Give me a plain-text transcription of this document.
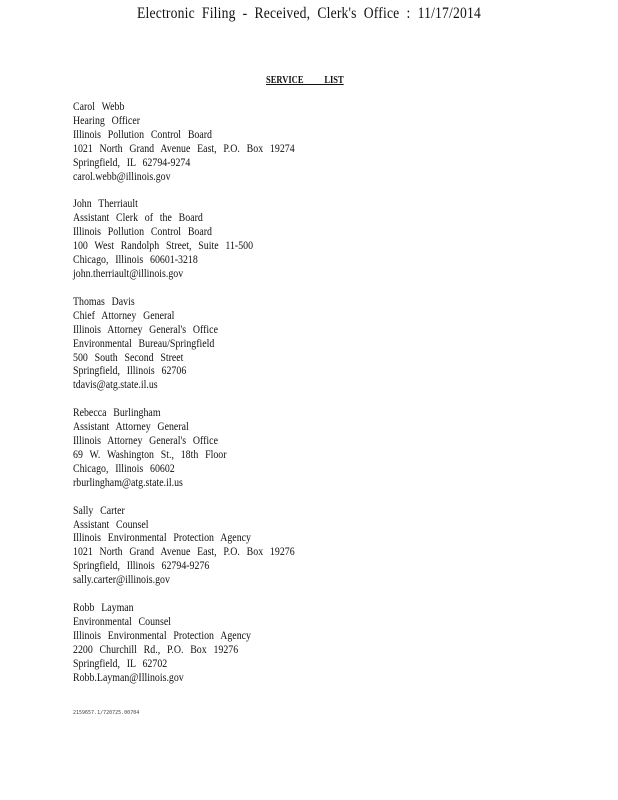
Electronic Filing - Received, Clerk's Office : 11/17/2014
SERVICE LIST
Carol Webb
Hearing Officer
Illinois Pollution Control Board
1021 North Grand Avenue East, P.O. Box 19274
Springfield, IL 62794-9274
carol.webb@illinois.gov
John Therriault
Assistant Clerk of the Board
Illinois Pollution Control Board
100 West Randolph Street, Suite 11-500
Chicago, Illinois 60601-3218
john.therriault@illinois.gov
Thomas Davis
Chief Attorney General
Illinois Attorney General's Office
Environmental Bureau/Springfield
500 South Second Street
Springfield, Illinois 62706
tdavis@atg.state.il.us
Rebecca Burlingham
Assistant Attorney General
Illinois Attorney General's Office
69 W. Washington St., 18th Floor
Chicago, Illinois 60602
rburlingham@atg.state.il.us
Sally Carter
Assistant Counsel
Illinois Environmental Protection Agency
1021 North Grand Avenue East, P.O. Box 19276
Springfield, Illinois 62794-9276
sally.carter@illinois.gov
Robb Layman
Environmental Counsel
Illinois Environmental Protection Agency
2200 Churchill Rd., P.O. Box 19276
Springfield, IL 62702
Robb.Layman@Illinois.gov
2159657.1/720725.00704
